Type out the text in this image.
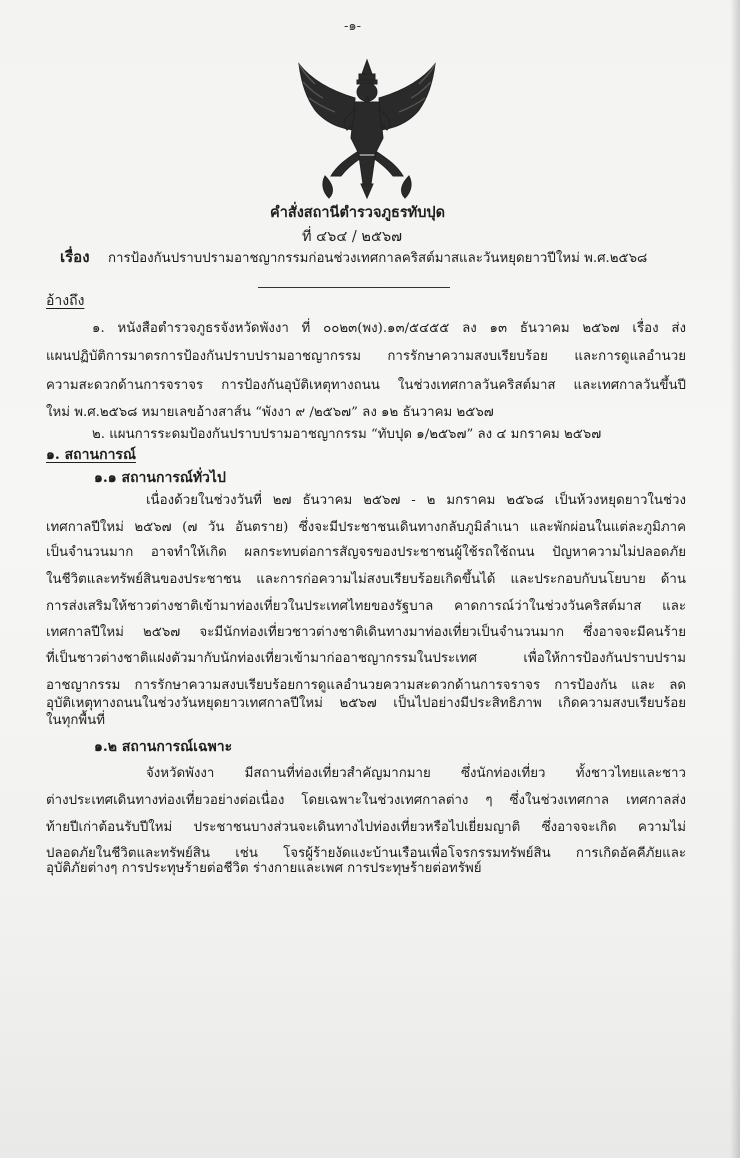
-๑-
คำสั่งสถานีตำรวจภูธรทับปุด
ที่ ๔๖๔ / ๒๕๖๗
เรื่อง การป้องกันปราบปรามอาชญากรรมก่อนช่วงเทศกาลคริสต์มาสและวันหยุดยาวปีใหม่ พ.ศ.๒๕๖๘
อ้างถึง
๑. หนังสือตำรวจภูธรจังหวัดพังงา ที่ ๐๐๒๓(พง).๑๓/๕๔๕๕ ลง ๑๓ ธันวาคม ๒๕๖๗ เรื่อง ส่ง
แผนปฏิบัติการมาตรการป้องกันปราบปรามอาชญากรรม การรักษาความสงบเรียบร้อย และการดูแลอำนวย
ความสะดวกด้านการจราจร การป้องกันอุบัติเหตุทางถนน ในช่วงเทศกาลวันคริสต์มาส และเทศกาลวันขึ้นปี
ใหม่ พ.ศ.๒๕๖๘ หมายเลขอ้างสาส์น “พังงา ๙ /๒๕๖๗” ลง ๑๒ ธันวาคม ๒๕๖๗
๒. แผนการระดมป้องกันปราบปรามอาชญากรรม “ทับปุด ๑/๒๕๖๗” ลง ๔ มกราคม ๒๕๖๗
๑. สถานการณ์
๑.๑ สถานการณ์ทั่วไป
เนื่องด้วยในช่วงวันที่ ๒๗ ธันวาคม ๒๕๖๗ - ๒ มกราคม ๒๕๖๘ เป็นห้วงหยุดยาวในช่วง
เทศกาลปีใหม่ ๒๕๖๗ (๗ วัน อันตราย) ซึ่งจะมีประชาชนเดินทางกลับภูมิลำเนา และพักผ่อนในแต่ละภูมิภาค
เป็นจำนวนมาก อาจทำให้เกิด ผลกระทบต่อการสัญจรของประชาชนผู้ใช้รถใช้ถนน ปัญหาความไม่ปลอดภัย
ในชีวิตและทรัพย์สินของประชาชน และการก่อความไม่สงบเรียบร้อยเกิดขึ้นได้ และประกอบกับนโยบาย ด้าน
การส่งเสริมให้ชาวต่างชาติเข้ามาท่องเที่ยวในประเทศไทยของรัฐบาล คาดการณ์ว่าในช่วงวันคริสต์มาส และ
เทศกาลปีใหม่ ๒๕๖๗ จะมีนักท่องเที่ยวชาวต่างชาติเดินทางมาท่องเที่ยวเป็นจำนวนมาก ซึ่งอาจจะมีคนร้าย
ที่เป็นชาวต่างชาติแฝงตัวมากับนักท่องเที่ยวเข้ามาก่ออาชญากรรมในประเทศ เพื่อให้การป้องกันปราบปราม
อาชญากรรม การรักษาความสงบเรียบร้อยการดูแลอำนวยความสะดวกด้านการจราจร การป้องกัน และ ลด
อุบัติเหตุทางถนนในช่วงวันหยุดยาวเทศกาลปีใหม่ ๒๕๖๗ เป็นไปอย่างมีประสิทธิภาพ เกิดความสงบเรียบร้อย
ในทุกพื้นที่
๑.๒ สถานการณ์เฉพาะ
จังหวัดพังงา มีสถานที่ท่องเที่ยวสำคัญมากมาย ซึ่งนักท่องเที่ยว ทั้งชาวไทยและชาว
ต่างประเทศเดินทางท่องเที่ยวอย่างต่อเนื่อง โดยเฉพาะในช่วงเทศกาลต่าง ๆ ซึ่งในช่วงเทศกาล เทศกาลส่ง
ท้ายปีเก่าต้อนรับปีใหม่ ประชาชนบางส่วนจะเดินทางไปท่องเที่ยวหรือไปเยี่ยมญาติ ซึ่งอาจจะเกิด ความไม่
ปลอดภัยในชีวิตและทรัพย์สิน เช่น โจรผู้ร้ายงัดแงะบ้านเรือนเพื่อโจรกรรมทรัพย์สิน การเกิดอัคคีภัยและ
อุบัติภัยต่างๆ การประทุษร้ายต่อชีวิต ร่างกายและเพศ การประทุษร้ายต่อทรัพย์
